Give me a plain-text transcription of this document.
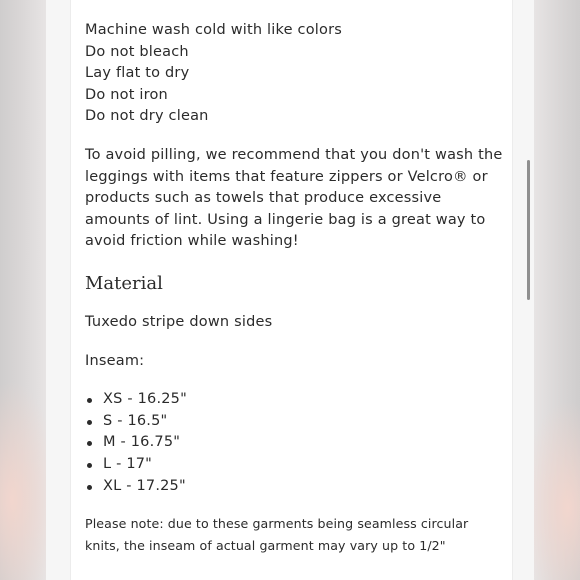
Machine wash cold with like colors
Do not bleach
Lay flat to dry
Do not iron
Do not dry clean

To avoid pilling, we recommend that you don't wash the leggings with items that feature zippers or Velcro® or products such as towels that produce excessive amounts of lint. Using a lingerie bag is a great way to avoid friction while washing!

Material

Tuxedo stripe down sides

Inseam:

XS - 16.25"
S - 16.5"
M - 16.75"
L - 17"
XL - 17.25"

Please note: due to these garments being seamless circular knits, the inseam of actual garment may vary up to 1/2"
